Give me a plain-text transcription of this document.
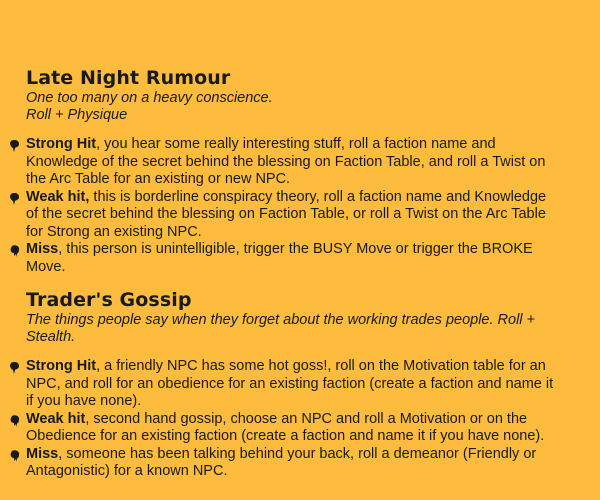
Late Night Rumour
One too many on a heavy conscience.
Roll + Physique
Strong Hit, you hear some really interesting stuff, roll a faction name and Knowledge of the secret behind the blessing on Faction Table, and roll a Twist on the Arc Table for an existing or new NPC.
Weak hit, this is borderline conspiracy theory, roll a faction name and Knowledge of the secret behind the blessing on Faction Table, or roll a Twist on the Arc Table for Strong an existing NPC.
Miss, this person is unintelligible, trigger the BUSY Move or trigger the BROKE Move.
Trader's Gossip
The things people say when they forget about the working trades people. Roll + Stealth.
Strong Hit, a friendly NPC has some hot goss!, roll on the Motivation table for an NPC, and roll for an obedience for an existing faction (create a faction and name it if you have none).
Weak hit, second hand gossip, choose an NPC and roll a Motivation or on the Obedience for an existing faction (create a faction and name it if you have none).
Miss, someone has been talking behind your back, roll a demeanor (Friendly or Antagonistic) for a known NPC.
